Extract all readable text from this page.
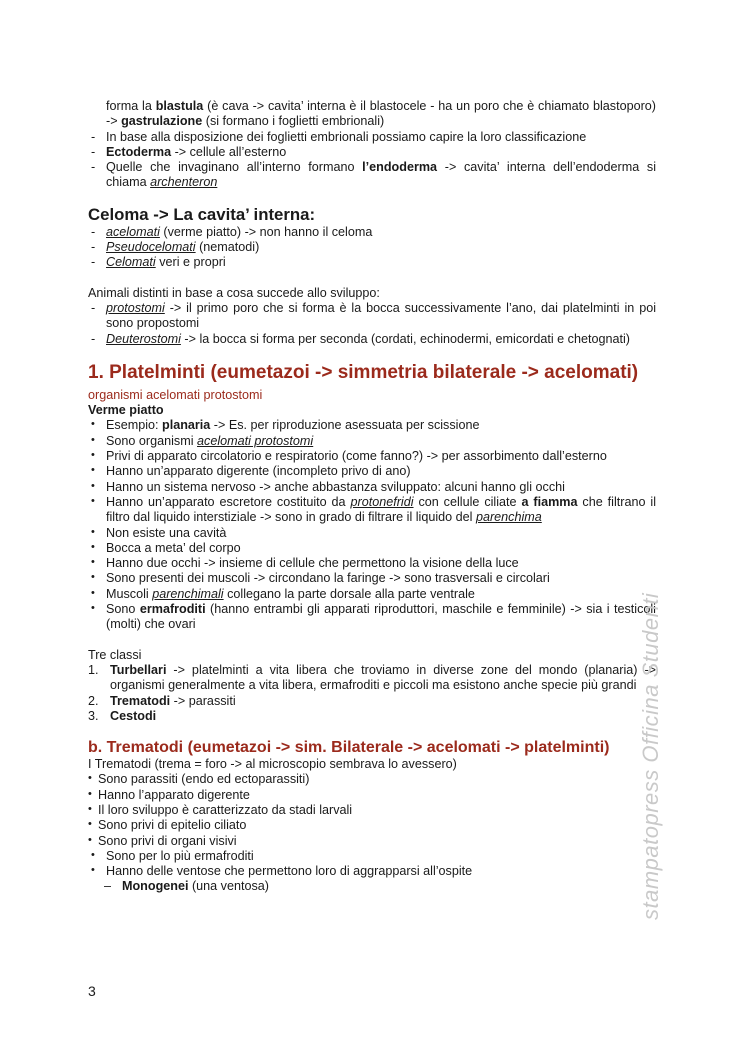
forma la blastula (è cava -> cavita’ interna è il blastocele - ha un poro che è chiamato blastoporo) -> gastrulazione (si formano i foglietti embrionali)

- In base alla disposizione dei foglietti embrionali possiamo capire la loro classificazione
- Ectoderma -> cellule all’esterno
- Quelle che invaginano all’interno formano l’endoderma -> cavita’ interna dell’endoderma si chiama archenteron
Celoma -> La cavita’ interna:
- acelomati (verme piatto) -> non hanno il celoma
- Pseudocelomati (nematodi)
- Celomati veri e propri

Animali distinti in base a cosa succede allo sviluppo:

- protostomi -> il primo poro che si forma è la bocca successivamente l’ano, dai platelminti in poi sono propostomi
- Deuterostomi -> la bocca si forma per seconda (cordati, echinodermi, emicordati e chetognati)
1. Platelminti (eumetazoi -> simmetria bilaterale -> acelomati)

organismi acelomati protostomi

Verme piatto

• Esempio: planaria -> Es. per riproduzione asessuata per scissione
• Sono organismi acelomati protostomi
• Privi di apparato circolatorio e respiratorio (come fanno?) -> per assorbimento dall’esterno
• Hanno un’apparato digerente (incompleto privo di ano)
• Hanno un sistema nervoso -> anche abbastanza sviluppato: alcuni hanno gli occhi
• Hanno un’apparato escretore costituito da protonefridi con cellule ciliate a fiamma che filtrano il filtro dal liquido interstiziale -> sono in grado di filtrare il liquido del parenchima
• Non esiste una cavità
• Bocca a meta’ del corpo
• Hanno due occhi -> insieme di cellule che permettono la visione della luce
• Sono presenti dei muscoli -> circondano la faringe -> sono trasversali e circolari
• Muscoli parenchimali collegano la parte dorsale alla parte ventrale
• Sono ermafroditi (hanno entrambi gli apparati riproduttori, maschile e femminile) -> sia i testicoli (molti) che ovari

Tre classi

1. Turbellari -> platelminti a vita libera che troviamo in diverse zone del mondo (planaria) -> organismi generalmente a vita libera, ermafroditi e piccoli ma esistono anche specie più grandi
2. Trematodi -> parassiti
3. Cestodi
b. Trematodi (eumetazoi -> sim. Bilaterale -> acelomati -> platelminti)

I Trematodi (trema = foro -> al microscopio sembrava lo avessero)

• Sono parassiti (endo ed ectoparassiti)
• Hanno l’apparato digerente
• Il loro sviluppo è caratterizzato da stadi larvali
• Sono privi di epitelio ciliato
• Sono privi di organi visivi
• Sono per lo più ermafroditi
• Hanno delle ventose che permettono loro di aggrapparsi all’ospite
– Monogenei (una ventosa)
3
stampatopress Officina Studenti
